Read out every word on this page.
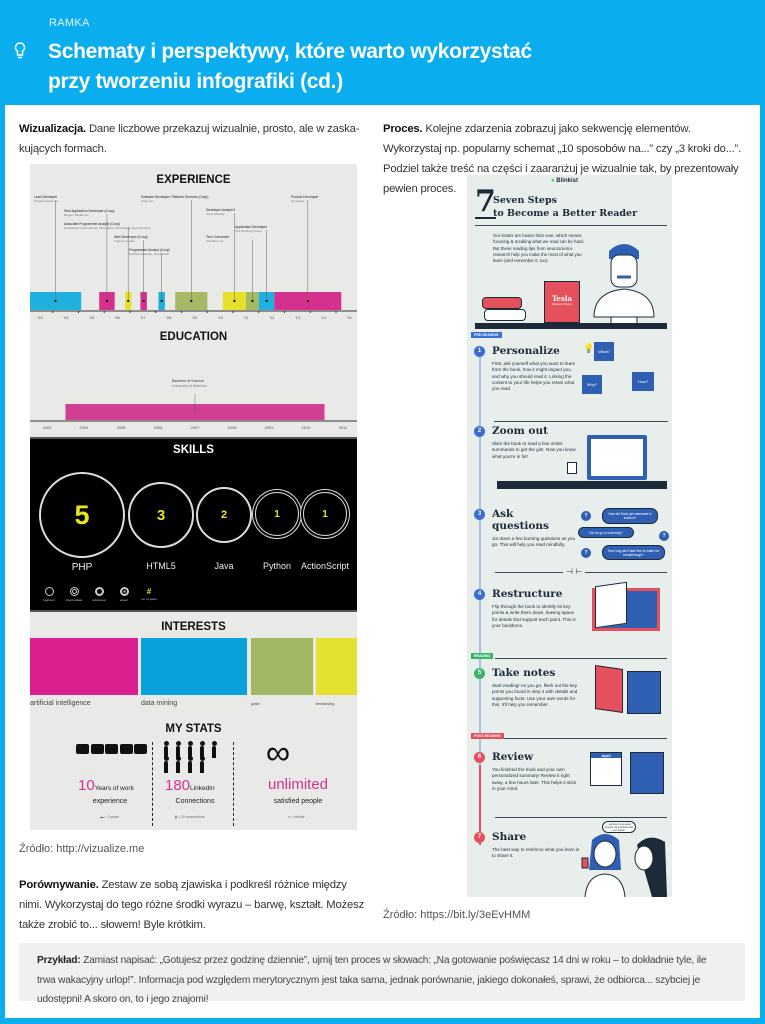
RAMKA
Schematy i perspektywy, które warto wykorzystać
przy tworzeniu infografiki (cd.)
Wizualizacja. Dane liczbowe przekazuj wizualnie, prosto, ale w zaska-kujących formach.
Proces. Kolejne zdarzenia zobrazuj jako sekwencję elementów. Wykorzystaj np. popularny schemat „10 sposobów na...” czy „3 kroki do...”. Podziel także treść na części i zaaranżuj je wizualnie tak, by prezentowały pewien proces.
EXPERIENCE
'03	'04	'05	'06	'07	'08	'09	'10	'11	'12	'13	'14	'15
Lead Developer
Propaneworks.ca
Web Application Developer (Coop)
Rogers Media Inc.
Associate Programmer Analyst (Coop)
Scotiabank International, Information Technology and Solutions
Web Developer (Coop)
Trapeze Media
Programmer Analyst (Coop)
Scotia Insurance, Scotiabank
Software Developer, Platform Services (Coop)
Virgo Inc.
Developer Analyst II
Telus Mobility
Tech Cofounder
Vizualize.me
Application Developer
The Working Group
Product Developer
Synaspse
EDUCATION
2003	2004	2005	2006	2007	2008	2009	2010	2011
Bachelor of Science
University of Waterloo
SKILLS
5	3	2	1	1
PHP	HTML5	Java	Python	ActionScript
beginner	intermediate	advanced	expert
#
no. of years
INTERESTS
artificial intelligence	data mining	guitar	treedancing
MY STATS
∞
10Years of work
experience
▬ = 2 years
180LinkedIn
Connections
▮ = 20 connections
unlimited
satisfied people
∞ = infinite
Źródło: http://vizualize.me
Porównywanie. Zestaw ze sobą zjawiska i podkreśl różnice między nimi. Wykorzystaj do tego różne środki wyrazu – barwę, kształt. Możesz także zrobić to... słowem! Byle krótkim.
● Blinkist
7
Seven Steps
to Become a Better Reader
Our brains are busier than ever, which means focusing & recalling what we read can be hard. But these reading tips from neuroscience research help you make the most of what you learn (and remember it, too).
Tesla
Margaret Cheney
PRE-READING
1	Personalize
First, ask yourself what you want to learn from the book, how it might impact you, and why you should read it. Linking the content to your life helps you retain what you read.
2	Zoom out
Skim the book or read a few online summaries to get the gist. Now you know what you're in for!
3	Ask questions
Jot down a few burning questions as you go. This will help you read mindfully.
4	Restructure
Flip through the book to identify its key points & write them down, leaving space for details that support each point. This is your backbone.
5	Take notes
Start reading! As you go, flesh out the key points you found in step 4 with details and supporting facts. Use your own words for this; it'll help you remember.
6	Review
You finished the book and your own personalized summary! Review it right away, a few hours later. This helps it stick in your mind.
7	Share
The best way to reinforce what you learn is to share it.
What?
Why?
How?
💡
?
?
?
How did Tesla get interested in science?
Did he go to university?
How long did it take him to make his breakthrough?
⊣ ⊢
READING
POST-READING
April
...perhaps the greatest inventor mind America has ever known.
Źródło: https://bit.ly/3eEvHMM
Przykład: Zamiast napisać: „Gotujesz przez godzinę dziennie”, ujmij ten proces w słowach: „Na gotowanie poświęcasz 14 dni w roku – to dokładnie tyle, ile trwa wakacyjny urlop!”. Informacja pod względem merytorycznym jest taka sama, jednak porównanie, jakiego dokonałeś, sprawi, że odbiorca... szybciej je udostępni! A skoro on, to i jego znajomi!
